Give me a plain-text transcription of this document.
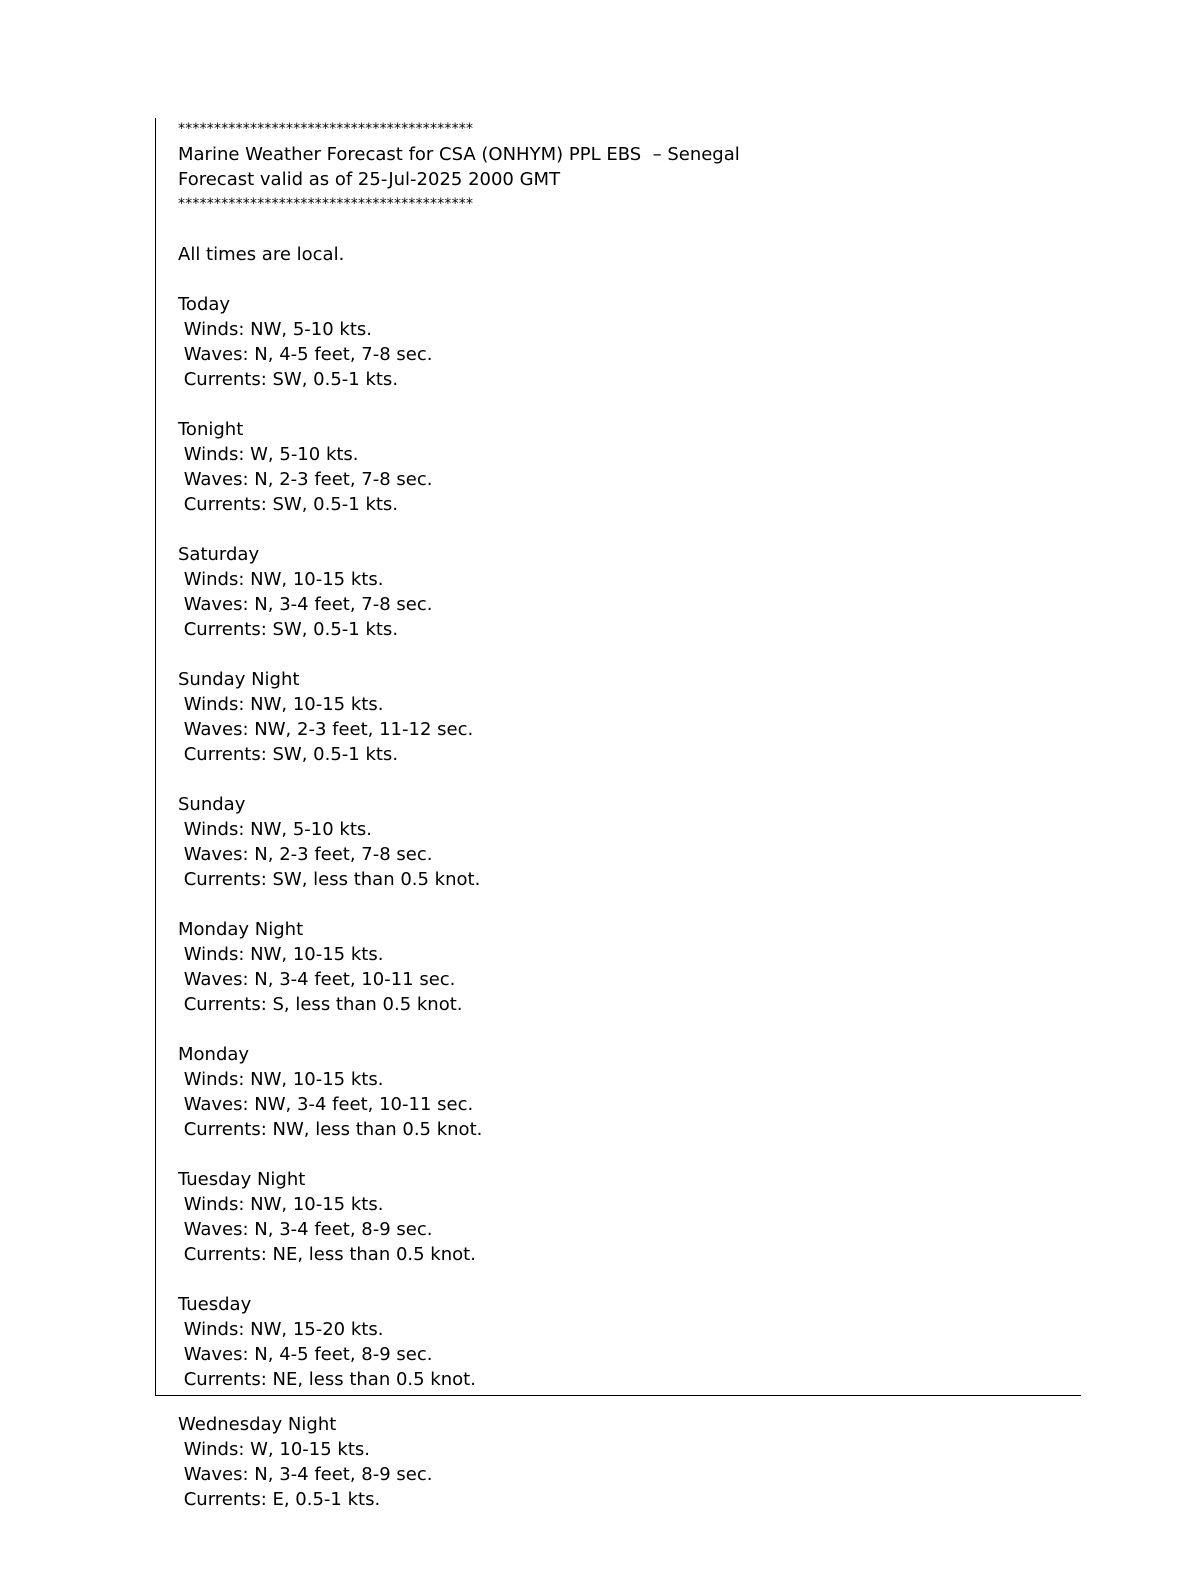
*****************************************
Marine Weather Forecast for CSA (ONHYM) PPL EBS  – Senegal
Forecast valid as of 25-Jul-2025 2000 GMT
*****************************************
All times are local.
Today
Winds: NW, 5-10 kts.
Waves: N, 4-5 feet, 7-8 sec.
Currents: SW, 0.5-1 kts.
Tonight
Winds: W, 5-10 kts.
Waves: N, 2-3 feet, 7-8 sec.
Currents: SW, 0.5-1 kts.
Saturday
Winds: NW, 10-15 kts.
Waves: N, 3-4 feet, 7-8 sec.
Currents: SW, 0.5-1 kts.
Sunday Night
Winds: NW, 10-15 kts.
Waves: NW, 2-3 feet, 11-12 sec.
Currents: SW, 0.5-1 kts.
Sunday
Winds: NW, 5-10 kts.
Waves: N, 2-3 feet, 7-8 sec.
Currents: SW, less than 0.5 knot.
Monday Night
Winds: NW, 10-15 kts.
Waves: N, 3-4 feet, 10-11 sec.
Currents: S, less than 0.5 knot.
Monday
Winds: NW, 10-15 kts.
Waves: NW, 3-4 feet, 10-11 sec.
Currents: NW, less than 0.5 knot.
Tuesday Night
Winds: NW, 10-15 kts.
Waves: N, 3-4 feet, 8-9 sec.
Currents: NE, less than 0.5 knot.
Tuesday
Winds: NW, 15-20 kts.
Waves: N, 4-5 feet, 8-9 sec.
Currents: NE, less than 0.5 knot.
Wednesday Night
Winds: W, 10-15 kts.
Waves: N, 3-4 feet, 8-9 sec.
Currents: E, 0.5-1 kts.
